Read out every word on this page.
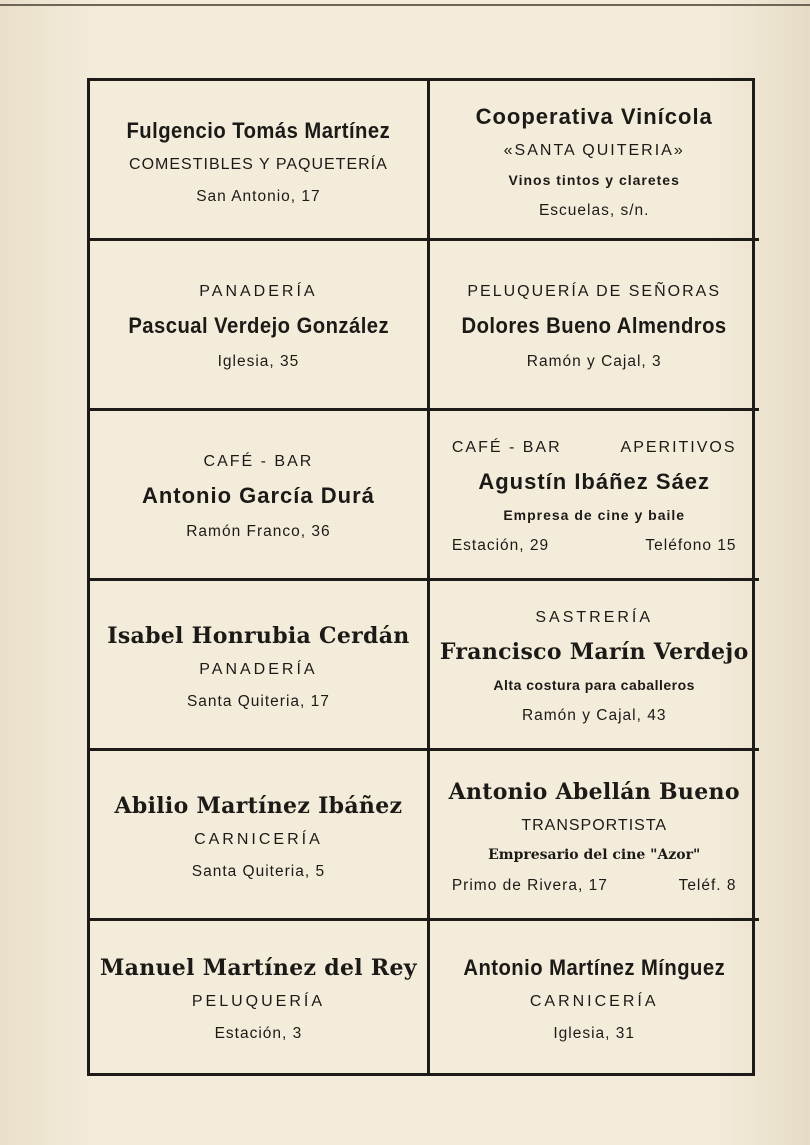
Fulgencio Tomás Martínez
COMESTIBLES Y PAQUETERÍA
San Antonio, 17
Cooperativa Vinícola
«SANTA QUITERIA»
Vinos tintos y claretes
Escuelas, s/n.
PANADERÍA
Pascual Verdejo González
Iglesia, 35
PELUQUERÍA DE SEÑORAS
Dolores Bueno Almendros
Ramón y Cajal, 3
CAFÉ - BAR
Antonio García Durá
Ramón Franco, 36
CAFÉ - BAR	APERITIVOS
Agustín Ibáñez Sáez
Empresa de cine y baile
Estación, 29	Teléfono 15
Isabel Honrubia Cerdán
PANADERÍA
Santa Quiteria, 17
SASTRERÍA
Francisco Marín Verdejo
Alta costura para caballeros
Ramón y Cajal, 43
Abilio Martínez Ibáñez
CARNICERÍA
Santa Quiteria, 5
Antonio Abellán Bueno
TRANSPORTISTA
Empresario del cine "Azor"
Primo de Rivera, 17	Teléf. 8
Manuel Martínez del Rey
PELUQUERÍA
Estación, 3
Antonio Martínez Mínguez
CARNICERÍA
Iglesia, 31
